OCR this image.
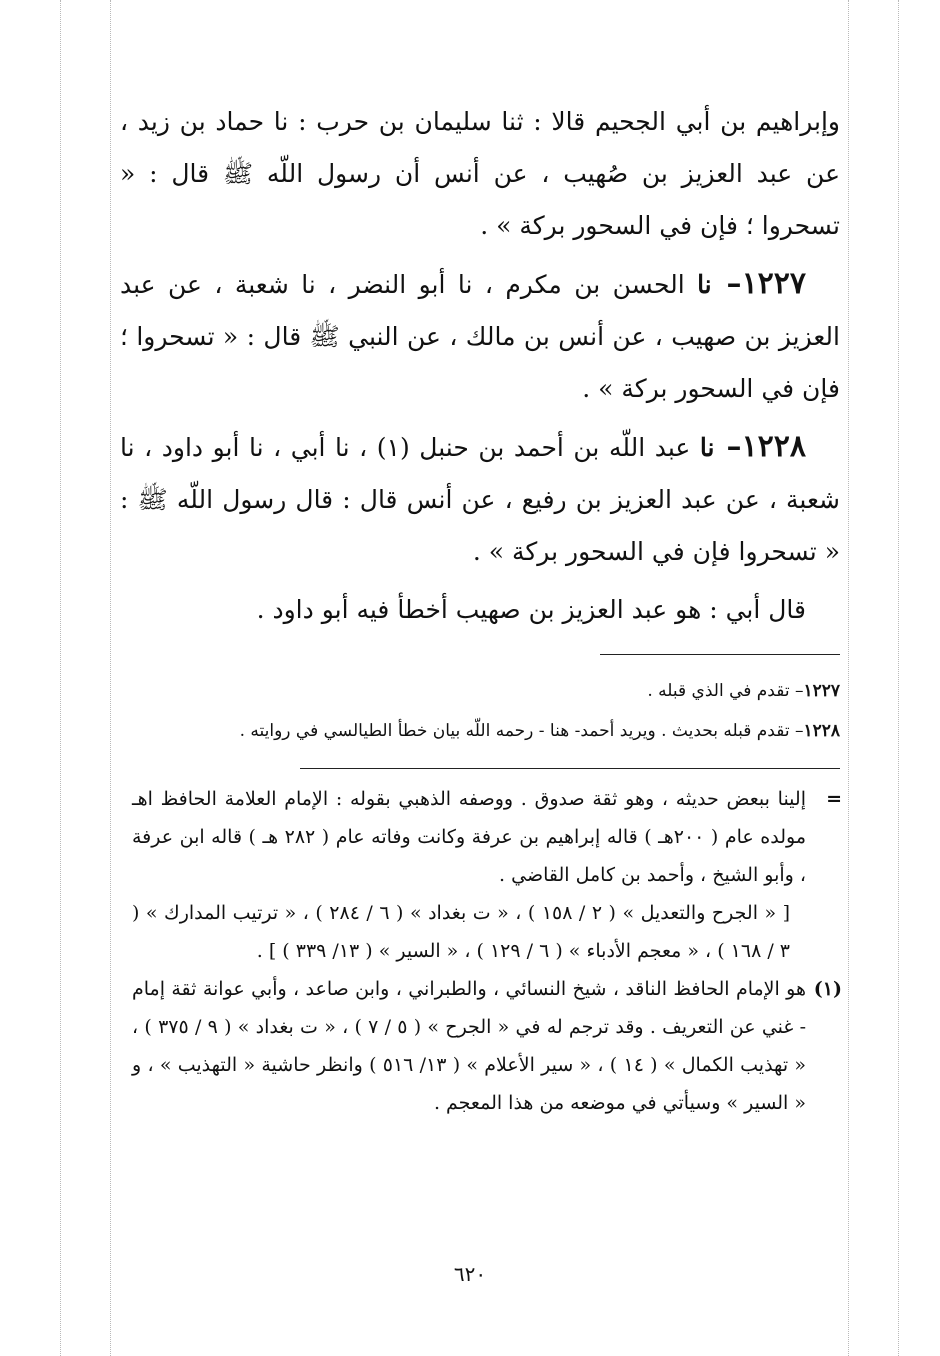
وإبراهيم بن أبي الجحيم قالا : ثنا سليمان بن حرب : نا حماد بن زيد ، عن عبد العزيز بن صُهيب ، عن أنس أن رسول اللّه ﷺ قال : « تسحروا ؛ فإن في السحور بركة » .

١٢٢٧– نا الحسن بن مكرم ، نا أبو النضر ، نا شعبة ، عن عبد العزيز بن صهيب ، عن أنس بن مالك ، عن النبي ﷺ قال : « تسحروا ؛ فإن في السحور بركة » .

١٢٢٨– نا عبد اللّه بن أحمد بن حنبل (١) ، نا أبي ، نا أبو داود ، نا شعبة ، عن عبد العزيز بن رفيع ، عن أنس قال : قال رسول اللّه ﷺ : « تسحروا فإن في السحور بركة » .

قال أبي : هو عبد العزيز بن صهيب أخطأ فيه أبو داود .

١٢٢٧– تقدم في الذي قبله .
١٢٢٨– تقدم قبله بحديث . ويريد أحمد- هنا - رحمه اللّه بيان خطأ الطيالسي في روايته .
=
إلينا ببعض حديثه ، وهو ثقة صدوق . ووصفه الذهبي بقوله : الإمام العلامة الحافظ اهـ مولده عام ( ٢٠٠هـ ) قاله إبراهيم بن عرفة وكانت وفاته عام ( ٢٨٢ هـ ) قاله ابن عرفة ، وأبو الشيخ ، وأحمد بن كامل القاضي .
[ « الجرح والتعديل » ( ٢ / ١٥٨ ) ، « ت بغداد » ( ٦ / ٢٨٤ ) ، « ترتيب المدارك » ( ٣ / ١٦٨ ) ، « معجم الأدباء » ( ٦ / ١٢٩ ) ، « السير » ( ١٣/ ٣٣٩ ) ] .
(١)
هو الإمام الحافظ الناقد ، شيخ النسائي ، والطبراني ، وابن صاعد ، وأبي عوانة ثقة إمام - غني عن التعريف . وقد ترجم له في « الجرح » ( ٥ / ٧ ) ، « ت بغداد » ( ٩ / ٣٧٥ ) ، « تهذيب الكمال » ( ١٤ ) ، « سير الأعلام » ( ١٣/ ٥١٦ ) وانظر حاشية « التهذيب » ، و « السير » وسيأتي في موضعه من هذا المعجم .
٦٢٠
